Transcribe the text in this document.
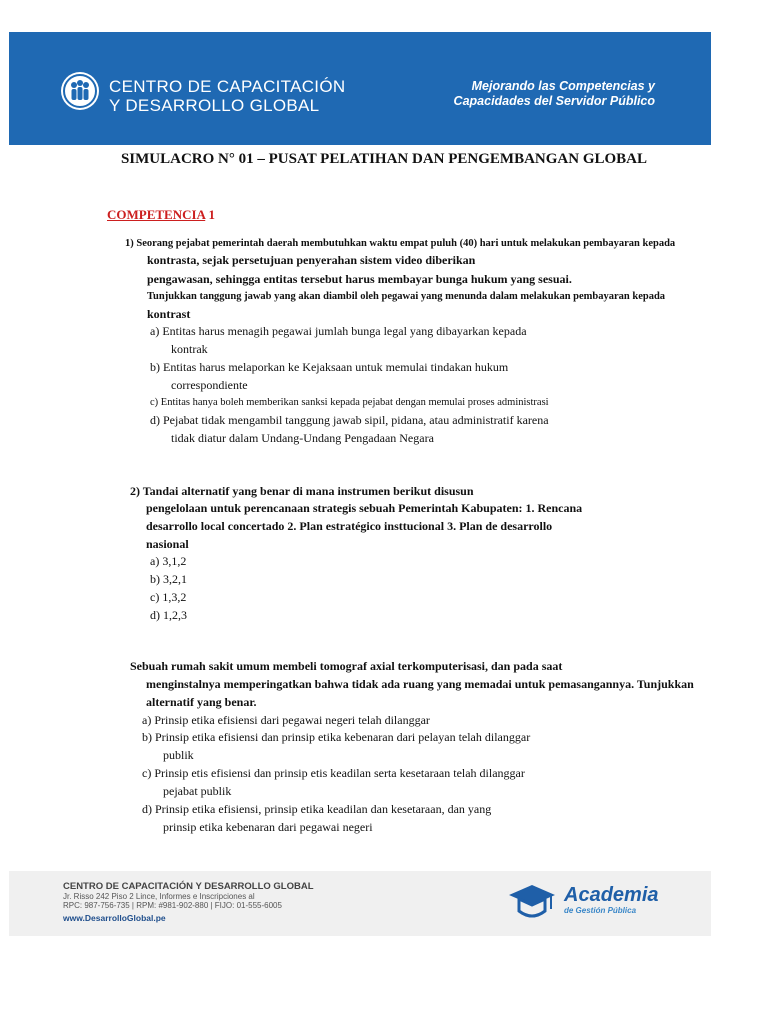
CENTRO DE CAPACITACIÓN
Y DESARROLLO GLOBAL
Mejorando las Competencias y
Capacidades del Servidor Público
SIMULACRO N° 01 – PUSAT PELATIHAN DAN PENGEMBANGAN GLOBAL
COMPETENCIA 1
1) Seorang pejabat pemerintah daerah membutuhkan waktu empat puluh (40) hari untuk melakukan pembayaran kepada
kontrasta, sejak persetujuan penyerahan sistem video diberikan
pengawasan, sehingga entitas tersebut harus membayar bunga hukum yang sesuai.
Tunjukkan tanggung jawab yang akan diambil oleh pegawai yang menunda dalam melakukan pembayaran kepada
kontrast
a) Entitas harus menagih pegawai jumlah bunga legal yang dibayarkan kepada
kontrak
b) Entitas harus melaporkan ke Kejaksaan untuk memulai tindakan hukum
correspondiente
c) Entitas hanya boleh memberikan sanksi kepada pejabat dengan memulai proses administrasi
d) Pejabat tidak mengambil tanggung jawab sipil, pidana, atau administratif karena
tidak diatur dalam Undang-Undang Pengadaan Negara
2) Tandai alternatif yang benar di mana instrumen berikut disusun
pengelolaan untuk perencanaan strategis sebuah Pemerintah Kabupaten: 1. Rencana
desarrollo local concertado 2. Plan estratégico insttucional 3. Plan de desarrollo
nasional
a) 3,1,2
b) 3,2,1
c) 1,3,2
d) 1,2,3
Sebuah rumah sakit umum membeli tomograf axial terkomputerisasi, dan pada saat
menginstalnya memperingatkan bahwa tidak ada ruang yang memadai untuk pemasangannya. Tunjukkan
alternatif yang benar.
a) Prinsip etika efisiensi dari pegawai negeri telah dilanggar
b) Prinsip etika efisiensi dan prinsip etika kebenaran dari pelayan telah dilanggar
publik
c) Prinsip etis efisiensi dan prinsip etis keadilan serta kesetaraan telah dilanggar
pejabat publik
d) Prinsip etika efisiensi, prinsip etika keadilan dan kesetaraan, dan yang
prinsip etika kebenaran dari pegawai negeri
CENTRO DE CAPACITACIÓN Y DESARROLLO GLOBAL
Jr. Risso 242 Piso 2 Lince, Informes e Inscripciones al
RPC: 987-756-735 | RPM: #981-902-880 | FIJO: 01-555-6005
www.DesarrolloGlobal.pe
Academia
de Gestión Pública
